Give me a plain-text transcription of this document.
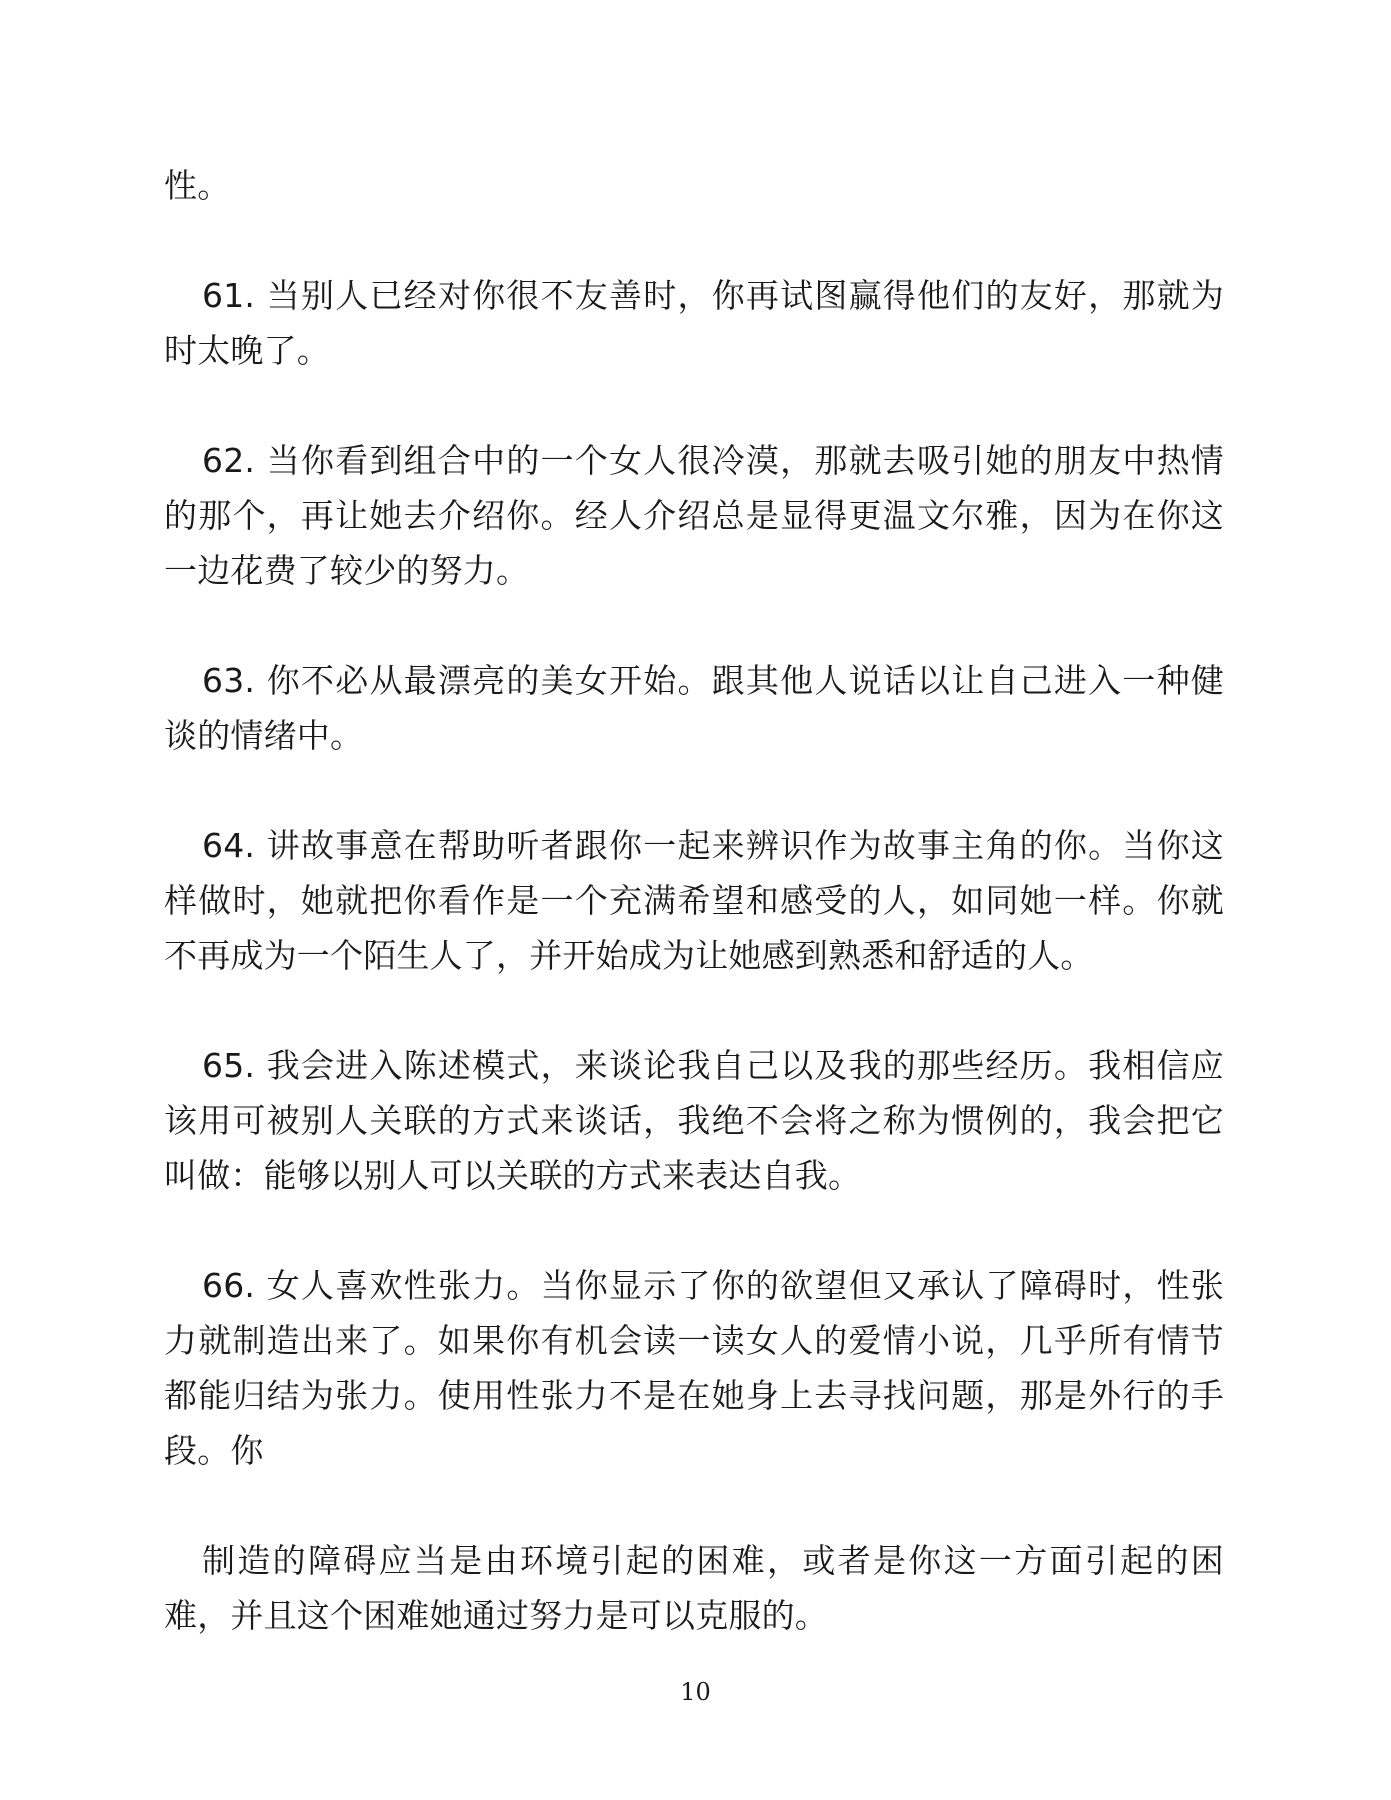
性。

61. 当别人已经对你很不友善时，你再试图赢得他们的友好，那就为时太晚了。

62. 当你看到组合中的一个女人很冷漠，那就去吸引她的朋友中热情的那个，再让她去介绍你。经人介绍总是显得更温文尔雅，因为在你这一边花费了较少的努力。

63. 你不必从最漂亮的美女开始。跟其他人说话以让自己进入一种健谈的情绪中。

64. 讲故事意在帮助听者跟你一起来辨识作为故事主角的你。当你这样做时，她就把你看作是一个充满希望和感受的人，如同她一样。你就不再成为一个陌生人了，并开始成为让她感到熟悉和舒适的人。

65. 我会进入陈述模式，来谈论我自己以及我的那些经历。我相信应该用可被别人关联的方式来谈话，我绝不会将之称为惯例的，我会把它叫做：能够以别人可以关联的方式来表达自我。

66. 女人喜欢性张力。当你显示了你的欲望但又承认了障碍时，性张力就制造出来了。如果你有机会读一读女人的爱情小说，几乎所有情节都能归结为张力。使用性张力不是在她身上去寻找问题，那是外行的手段。你

制造的障碍应当是由环境引起的困难，或者是你这一方面引起的困难，并且这个困难她通过努力是可以克服的。

10
